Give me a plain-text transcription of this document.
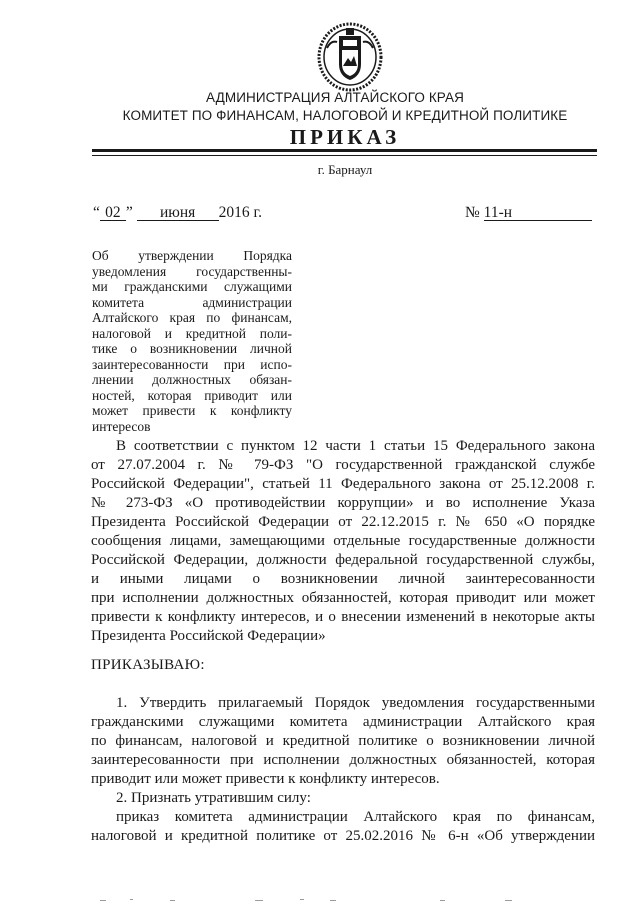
АДМИНИСТРАЦИЯ АЛТАЙСКОГО КРАЯ
КОМИТЕТ ПО ФИНАНСАМ, НАЛОГОВОЙ И КРЕДИТНОЙ ПОЛИТИКЕ
ПРИКАЗ
г. Барнаул
“ 02 ” июня 2016 г.	№ 11-н
Об утверждении Порядка
уведомления государственны-
ми гражданскими служащими
комитета администрации
Алтайского края по финансам,
налоговой и кредитной поли-
тике о возникновении личной
заинтересованности при испо-
лнении должностных обязан-
ностей, которая приводит или
может привести к конфликту
интересов
В соответствии с пунктом 12 части 1 статьи 15 Федерального закона
от 27.07.2004 г. № 79-ФЗ "О государственной гражданской службе
Российской Федерации", статьей 11 Федерального закона от 25.12.2008 г.
№ 273-ФЗ «О противодействии коррупции» и во исполнение Указа
Президента Российской Федерации от 22.12.2015 г. № 650 «О порядке
сообщения лицами, замещающими отдельные государственные должности
Российской Федерации, должности федеральной государственной службы,
и иными лицами о возникновении личной заинтересованности
при исполнении должностных обязанностей, которая приводит или может
привести к конфликту интересов, и о внесении изменений в некоторые акты
Президента Российской Федерации»
ПРИКАЗЫВАЮ:
1. Утвердить прилагаемый Порядок уведомления государственными
гражданскими служащими комитета администрации Алтайского края
по финансам, налоговой и кредитной политике о возникновении личной
заинтересованности при исполнении должностных обязанностей, которая
приводит или может привести к конфликту интересов.
2. Признать утратившим силу:
приказ комитета администрации Алтайского края по финансам,
налоговой и кредитной политике от 25.02.2016 № 6-н «Об утверждении
